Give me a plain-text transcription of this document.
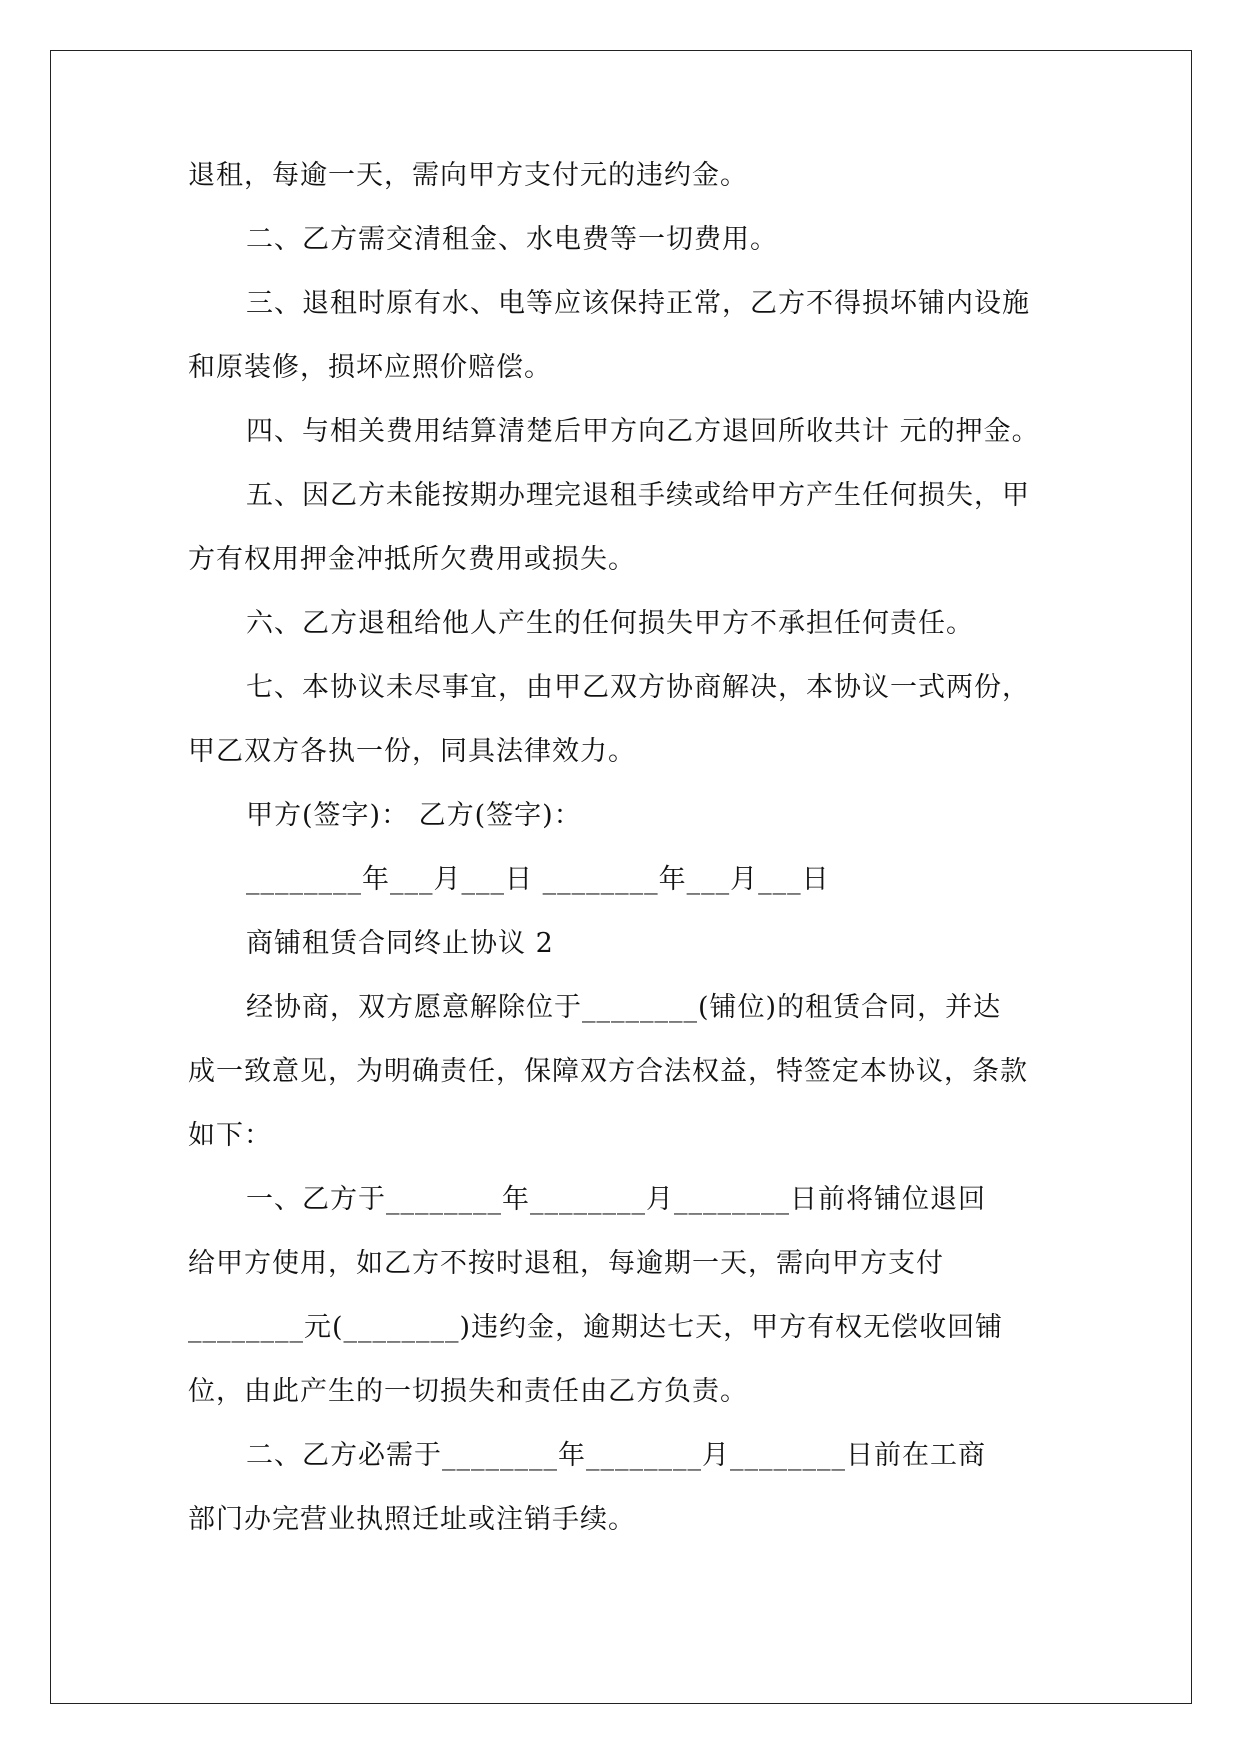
退租，每逾一天，需向甲方支付元的违约金。
二、乙方需交清租金、水电费等一切费用。
三、退租时原有水、电等应该保持正常，乙方不得损坏铺内设施
和原装修，损坏应照价赔偿。
四、与相关费用结算清楚后甲方向乙方退回所收共计 元的押金。
五、因乙方未能按期办理完退租手续或给甲方产生任何损失，甲
方有权用押金冲抵所欠费用或损失。
六、乙方退租给他人产生的任何损失甲方不承担任何责任。
七、本协议未尽事宜，由甲乙双方协商解决，本协议一式两份，
甲乙双方各执一份，同具法律效力。
甲方(签字)： 乙方(签字)：
________年___月___日 ________年___月___日
商铺租赁合同终止协议 2
经协商，双方愿意解除位于________(铺位)的租赁合同，并达
成一致意见，为明确责任，保障双方合法权益，特签定本协议，条款
如下：
一、乙方于________年________月________日前将铺位退回
给甲方使用，如乙方不按时退租，每逾期一天，需向甲方支付
________元(________)违约金，逾期达七天，甲方有权无偿收回铺
位，由此产生的一切损失和责任由乙方负责。
二、乙方必需于________年________月________日前在工商
部门办完营业执照迁址或注销手续。
